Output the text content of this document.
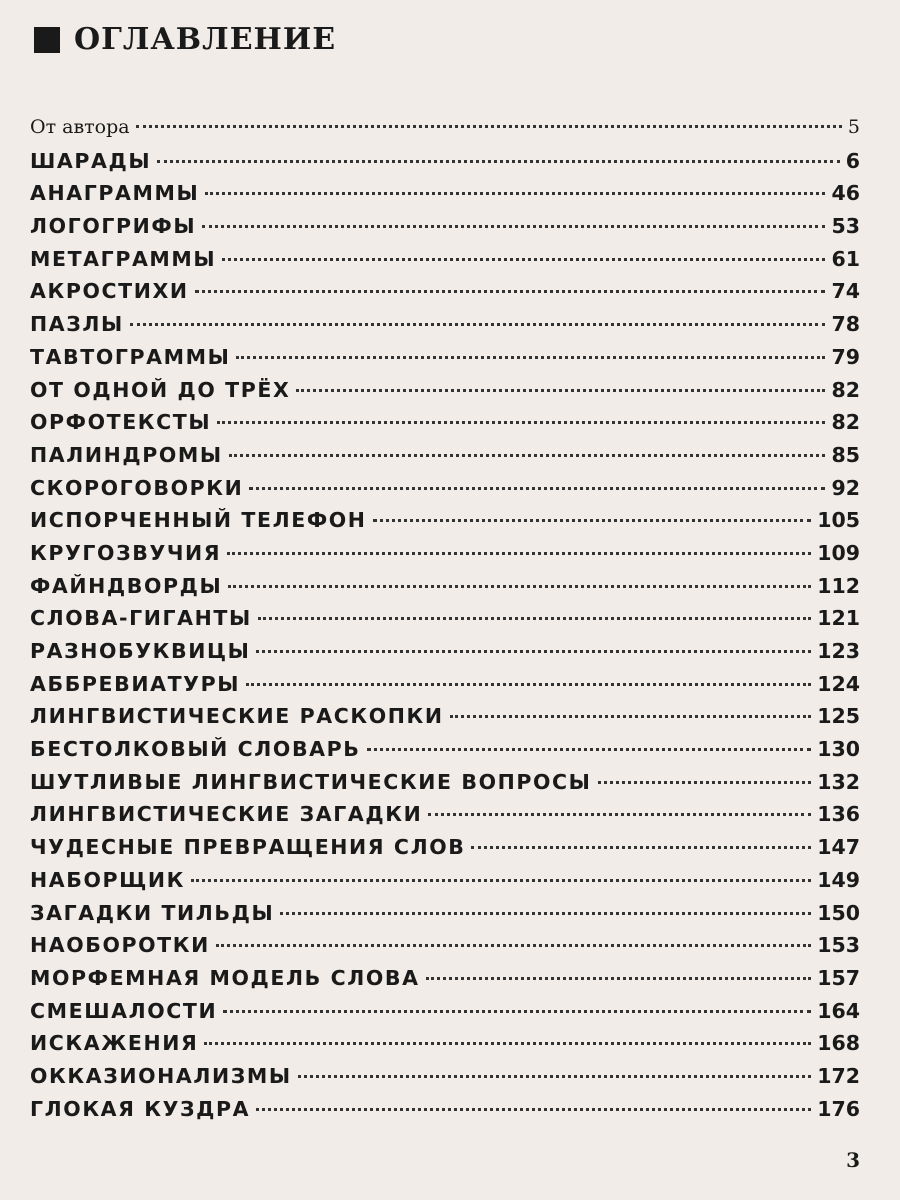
ОГЛАВЛЕНИЕ
От автора	5
ШАРАДЫ	6
АНАГРАММЫ	46
ЛОГОГРИФЫ	53
МЕТАГРАММЫ	61
АКРОСТИХИ	74
ПАЗЛЫ	78
ТАВТОГРАММЫ	79
ОТ ОДНОЙ ДО ТРЁХ	82
ОРФОТЕКСТЫ	82
ПАЛИНДРОМЫ	85
СКОРОГОВОРКИ	92
ИСПОРЧЕННЫЙ ТЕЛЕФОН	105
КРУГОЗВУЧИЯ	109
ФАЙНДВОРДЫ	112
СЛОВА-ГИГАНТЫ	121
РАЗНОБУКВИЦЫ	123
АББРЕВИАТУРЫ	124
ЛИНГВИСТИЧЕСКИЕ РАСКОПКИ	125
БЕСТОЛКОВЫЙ СЛОВАРЬ	130
ШУТЛИВЫЕ ЛИНГВИСТИЧЕСКИЕ ВОПРОСЫ	132
ЛИНГВИСТИЧЕСКИЕ ЗАГАДКИ	136
ЧУДЕСНЫЕ ПРЕВРАЩЕНИЯ СЛОВ	147
НАБОРЩИК	149
ЗАГАДКИ ТИЛЬДЫ	150
НАОБОРОТКИ	153
МОРФЕМНАЯ МОДЕЛЬ СЛОВА	157
СМЕШАЛОСТИ	164
ИСКАЖЕНИЯ	168
ОККАЗИОНАЛИЗМЫ	172
ГЛОКАЯ КУЗДРА	176
3
